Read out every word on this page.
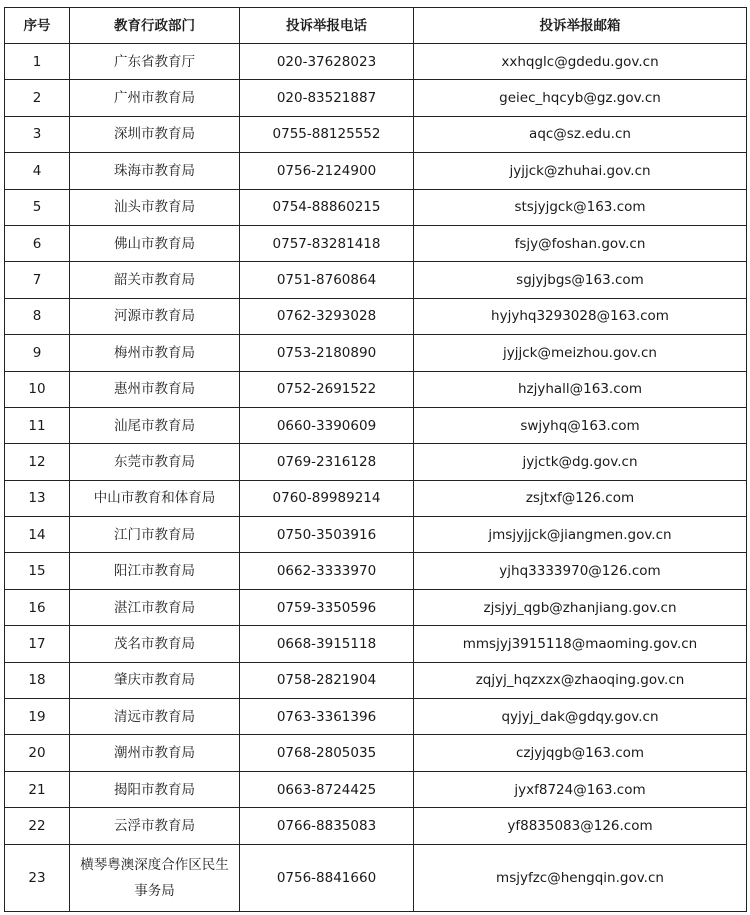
序号	教育行政部门	投诉举报电话	投诉举报邮箱
1	广东省教育厅	020-37628023	xxhqglc@gdedu.gov.cn
2	广州市教育局	020-83521887	geiec_hqcyb@gz.gov.cn
3	深圳市教育局	0755-88125552	aqc@sz.edu.cn
4	珠海市教育局	0756-2124900	jyjjck@zhuhai.gov.cn
5	汕头市教育局	0754-88860215	stsjyjgck@163.com
6	佛山市教育局	0757-83281418	fsjy@foshan.gov.cn
7	韶关市教育局	0751-8760864	sgjyjbgs@163.com
8	河源市教育局	0762-3293028	hyjyhq3293028@163.com
9	梅州市教育局	0753-2180890	jyjjck@meizhou.gov.cn
10	惠州市教育局	0752-2691522	hzjyhall@163.com
11	汕尾市教育局	0660-3390609	swjyhq@163.com
12	东莞市教育局	0769-2316128	jyjctk@dg.gov.cn
13	中山市教育和体育局	0760-89989214	zsjtxf@126.com
14	江门市教育局	0750-3503916	jmsjyjjck@jiangmen.gov.cn
15	阳江市教育局	0662-3333970	yjhq3333970@126.com
16	湛江市教育局	0759-3350596	zjsjyj_qgb@zhanjiang.gov.cn
17	茂名市教育局	0668-3915118	mmsjyj3915118@maoming.gov.cn
18	肇庆市教育局	0758-2821904	zqjyj_hqzxzx@zhaoqing.gov.cn
19	清远市教育局	0763-3361396	qyjyj_dak@gdqy.gov.cn
20	潮州市教育局	0768-2805035	czjyjqgb@163.com
21	揭阳市教育局	0663-8724425	jyxf8724@163.com
22	云浮市教育局	0766-8835083	yf8835083@126.com
23	横琴粤澳深度合作区民生事务局	0756-8841660	msjyfzc@hengqin.gov.cn
